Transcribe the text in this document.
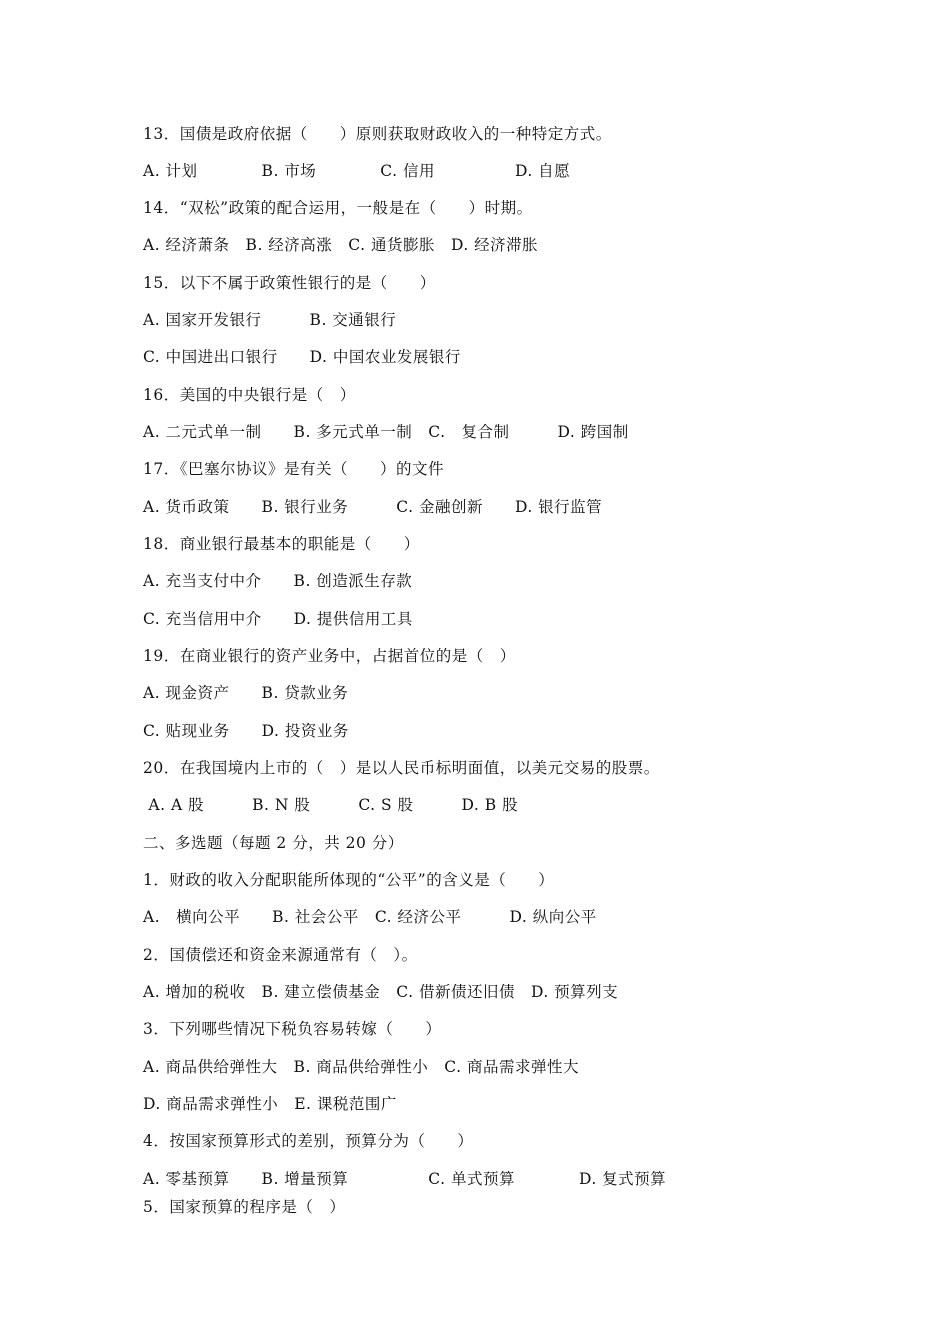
13．国债是政府依据（　　）原则获取财政收入的一种特定方式。
A. 计划　　　　B. 市场　　　　C. 信用　　　　　D. 自愿
14．“双松”政策的配合运用，一般是在（　　）时期。
A. 经济萧条　B. 经济高涨　C. 通货膨胀　D. 经济滞胀
15．以下不属于政策性银行的是（　　）
A. 国家开发银行　　　B. 交通银行
C. 中国进出口银行　　D. 中国农业发展银行
16．美国的中央银行是（　）
A. 二元式单一制　　B. 多元式单一制　C.　复合制　　　D. 跨国制
17．《巴塞尔协议》是有关（　　）的文件
A. 货币政策　　B. 银行业务　　　C. 金融创新　　D. 银行监管
18．商业银行最基本的职能是（　　）
A. 充当支付中介　　B. 创造派生存款
C. 充当信用中介　　D. 提供信用工具
19．在商业银行的资产业务中，占据首位的是（　）
A. 现金资产　　B. 贷款业务
C. 贴现业务　　D. 投资业务
20．在我国境内上市的（　）是以人民币标明面值，以美元交易的股票。
A. A 股　　　B. N 股　　　C. S 股　　　D. B 股
二、多选题（每题 2 分，共 20 分）
1．财政的收入分配职能所体现的“公平”的含义是（　　）
A.　横向公平　　B. 社会公平　C. 经济公平　　　D. 纵向公平
2．国债偿还和资金来源通常有（　）。
A. 增加的税收　B. 建立偿债基金　C. 借新债还旧债　D. 预算列支
3．下列哪些情况下税负容易转嫁（　　）
A. 商品供给弹性大　B. 商品供给弹性小　C. 商品需求弹性大
D. 商品需求弹性小　E. 课税范围广
4．按国家预算形式的差别，预算分为（　　）
A. 零基预算　　B. 增量预算　　　　　C. 单式预算　　　　D. 复式预算
5．国家预算的程序是（　）
